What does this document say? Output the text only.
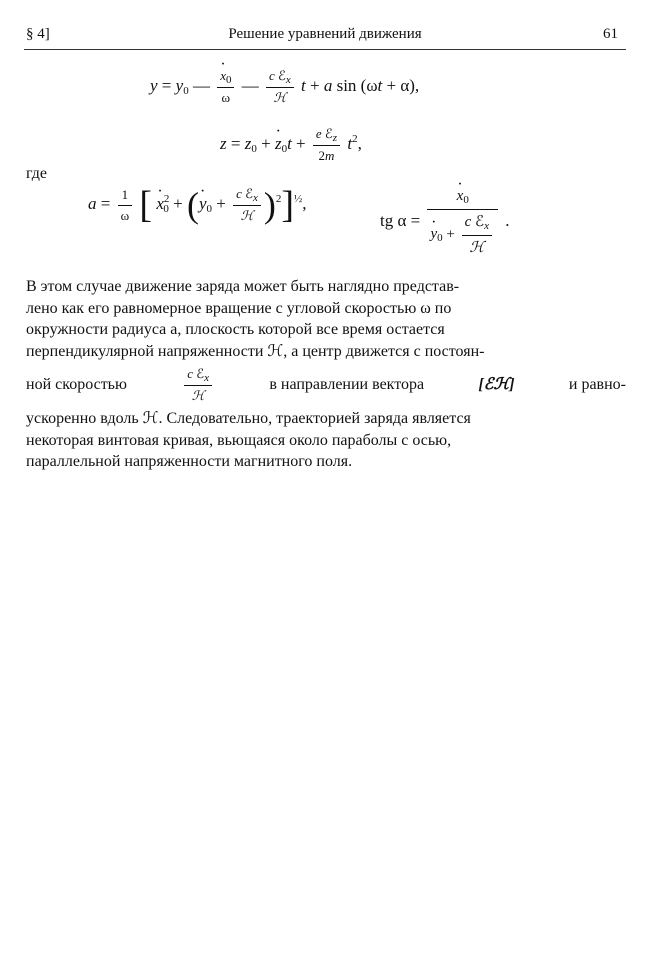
§ 4]	Решение уравнений движения	61
y = y0 — · $\frac{x_0}{\omega}$ — $\frac{c ℰ_x}{\text{ℋ}}$ t + a sin (ωt + α),
z = z0 + · $z0t + \frac{e ℰ_z}{2m} t^2$,
где
$a = \frac{1}{\omega}$ [ · $x^20$ + (· $y0 + \frac{c ℰ_x}{\text{ℋ}} )^2]^{\frac{1}{2}}$,
tg α = · $x_0$
· $y_0 + \frac{c ℰ_x}{\text{ℋ}}$ .
В этом случае движение заряда может быть наглядно представ-
лено как его равномерное вращение с угловой скоростью ω по
окружности радиуса a, плоскость которой все время остается
перпендикулярной напряженности ℋ, а центр движется с постоян-
ной скоростью	$\frac{c ℰ_x}{\text{ℋ}}$	в направлении вектора	[ℰℋ]	и равно-
ускоренно вдоль ℋ. Следовательно, траекторией заряда является
некоторая винтовая кривая, вьющаяся около параболы с осью,
параллельной напряженности магнитного поля.
